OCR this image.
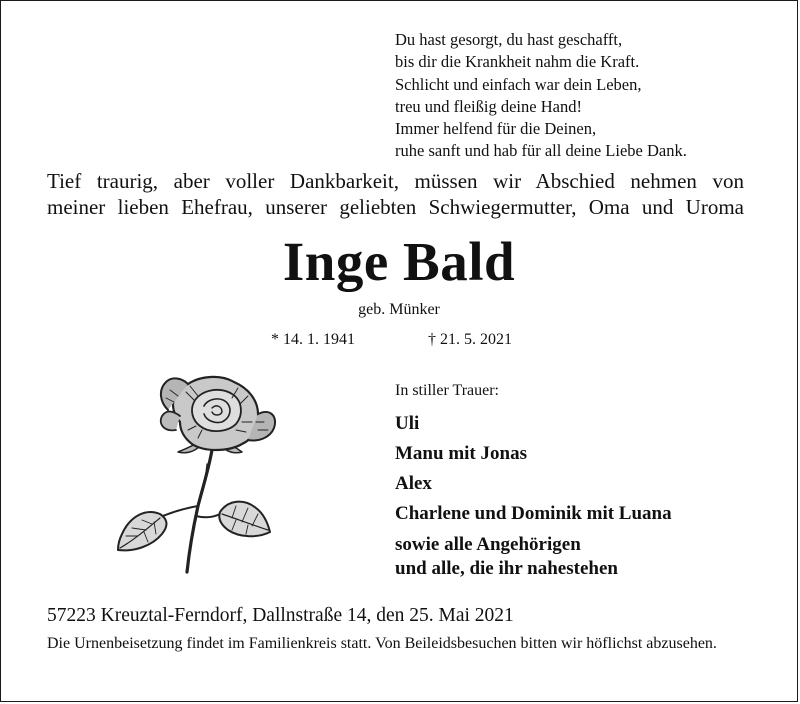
Du hast gesorgt, du hast geschafft,
bis dir die Krankheit nahm die Kraft.
Schlicht und einfach war dein Leben,
treu und fleißig deine Hand!
Immer helfend für die Deinen,
ruhe sanft und hab für all deine Liebe Dank.
Tief traurig, aber voller Dankbarkeit, müssen wir Abschied nehmen von
meiner lieben Ehefrau, unserer geliebten Schwiegermutter, Oma und Uroma
Inge Bald
geb. Münker
* 14. 1. 1941	† 21. 5. 2021
In stiller Trauer:
Uli
Manu mit Jonas
Alex
Charlene und Dominik mit Luana
sowie alle Angehörigen
und alle, die ihr nahestehen
57223 Kreuztal-Ferndorf, Dallnstraße 14, den 25. Mai 2021
Die Urnenbeisetzung findet im Familienkreis statt. Von Beileidsbesuchen bitten wir höflichst abzusehen.
